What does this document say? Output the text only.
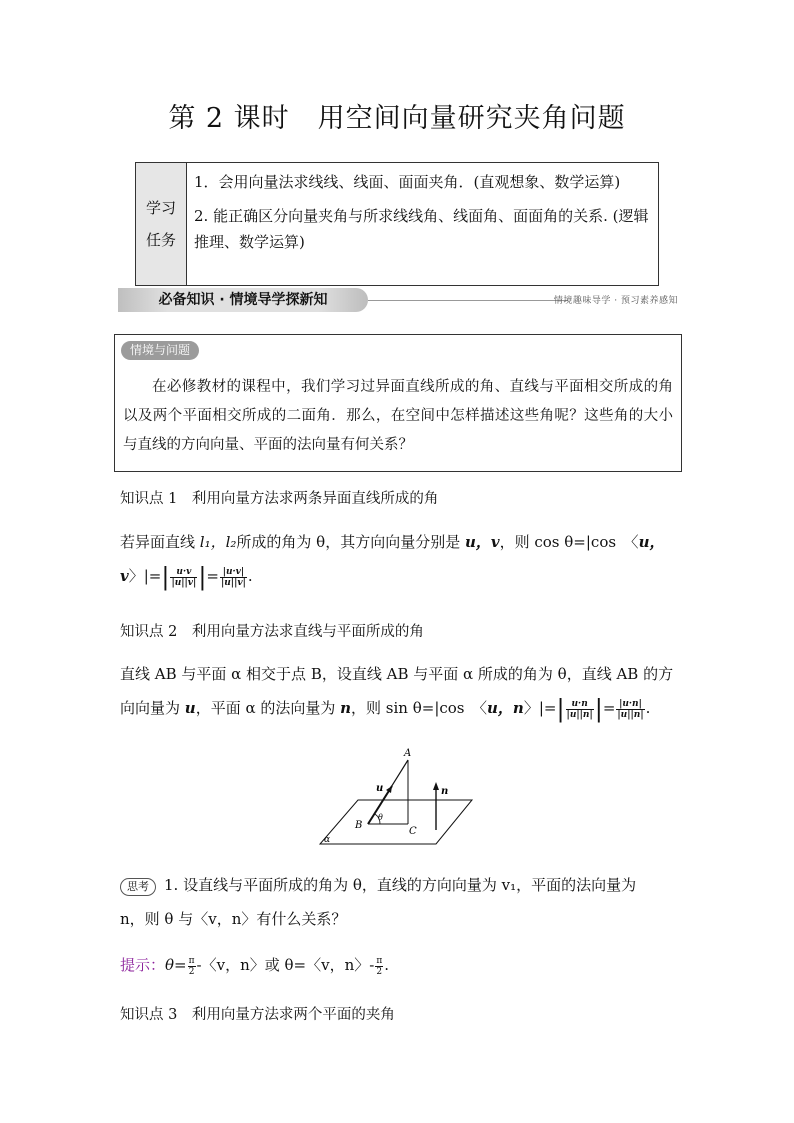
第 2 课时　用空间向量研究夹角问题
学习
任务

1．会用向量法求线线、线面、面面夹角．(直观想象、数学运算)

2. 能正确区分向量夹角与所求线线角、线面角、面面角的关系. (逻辑推理、数学运算)

必备知识 · 情境导学探新知	情境趣味导学 · 预习素养感知
情境与问题
在必修教材的课程中，我们学习过异面直线所成的角、直线与平面相交所成的角以及两个平面相交所成的二面角．那么，在空间中怎样描述这些角呢？这些角的大小与直线的方向向量、平面的法向量有何关系？
知识点 1　利用向量方法求两条异面直线所成的角
若异面直线 l₁，l₂所成的角为 θ，其方向向量分别是 u，v，则 cos θ=|cos　〈u，
v〉|=| $\frac{u\cdot v}{|u||v|}$ |= $\frac{|u\cdot v|}{|u||v|}$ .
知识点 2　利用向量方法求直线与平面所成的角
直线 AB 与平面 α 相交于点 B，设直线 AB 与平面 α 所成的角为 θ，直线 AB 的方
向向量为 u，平面 α 的法向量为 n，则 sin θ=|cos　〈u，n〉|=| $\frac{u\cdot n}{|u||n|}$ |= $\frac{|u\cdot n|}{|u||n|}$ .
A
B
C
u	n
θ
α
思考 1. 设直线与平面所成的角为 θ，直线的方向向量为 v₁，平面的法向量为
n，则 θ 与〈v，n〉有什么关系？
提示：$\theta= \frac{\pi}{2}$ -〈v，n〉或 θ=〈v，n〉- $\frac{\pi}{2}$ .
知识点 3　利用向量方法求两个平面的夹角
